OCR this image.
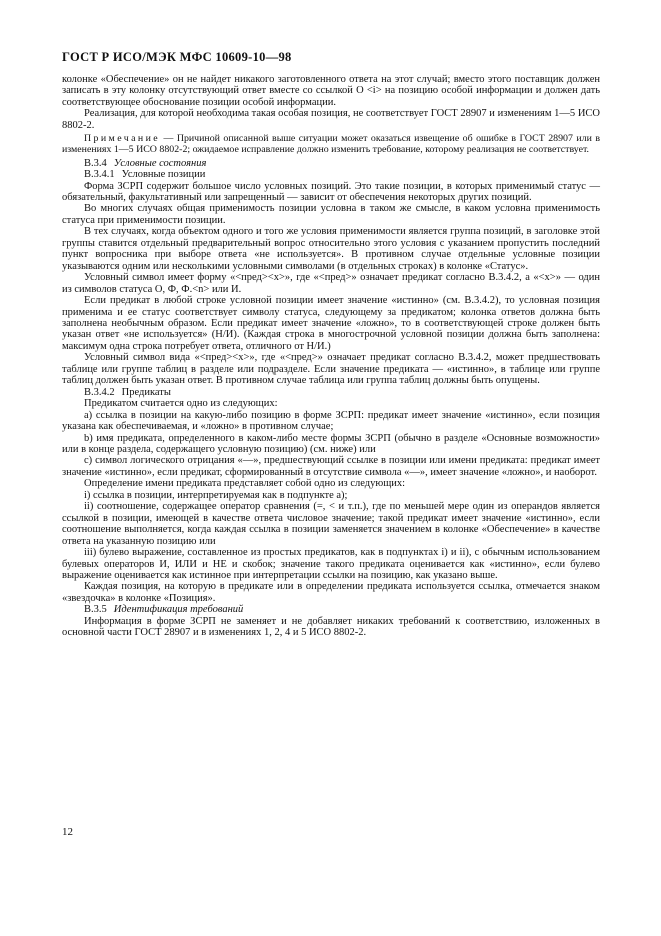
ГОСТ Р ИСО/МЭК МФС 10609-10—98

колонке «Обеспечение» он не найдет никакого заготовленного ответа на этот случай; вместо этого поставщик должен записать в эту колонку отсутствующий ответ вместе со ссылкой О <i> на позицию особой информации и должен дать соответствующее обоснование позиции особой информации.

Реализация, для которой необходима такая особая позиция, не соответствует ГОСТ 28907 и изменениям 1—5 ИСО 8802-2.

Примечание — Причиной описанной выше ситуации может оказаться извещение об ошибке в ГОСТ 28907 или в изменениях 1—5 ИСО 8802-2; ожидаемое исправление должно изменить требование, которому реализация не соответствует.

В.3.4 Условные состояния

В.3.4.1 Условные позиции

Форма ЗСРП содержит большое число условных позиций. Это такие позиции, в которых применимый статус — обязательный, факультативный или запрещенный — зависит от обеспечения некоторых других позиций.

Во многих случаях общая применимость позиции условна в таком же смысле, в каком условна применимость статуса при применимости позиции.

В тех случаях, когда объектом одного и того же условия применимости является группа позиций, в заголовке этой группы ставится отдельный предварительный вопрос относительно этого условия с указанием пропустить последний пункт вопросника при выборе ответа «не используется». В противном случае отдельные условные позиции указываются одним или несколькими условными символами (в отдельных строках) в колонке «Статус».

Условный символ имеет форму «<пред><x>», где «<пред>» означает предикат согласно В.3.4.2, а «<x>» — один из символов статуса О, Ф, Ф.<n> или И.

Если предикат в любой строке условной позиции имеет значение «истинно» (см. В.3.4.2), то условная позиция применима и ее статус соответствует символу статуса, следующему за предикатом; колонка ответов должна быть заполнена необычным образом. Если предикат имеет значение «ложно», то в соответствующей строке должен быть указан ответ «не используется» (Н/И). (Каждая строка в многострочной условной позиции должна быть заполнена: максимум одна строка потребует ответа, отличного от Н/И.)

Условный символ вида «<пред><x>», где «<пред>» означает предикат согласно В.3.4.2, может предшествовать таблице или группе таблиц в разделе или подразделе. Если значение предиката — «истинно», в таблице или группе таблиц должен быть указан ответ. В противном случае таблица или группа таблиц должны быть опущены.

В.3.4.2 Предикаты

Предикатом считается одно из следующих:

a) ссылка в позиции на какую-либо позицию в форме ЗСРП: предикат имеет значение «истинно», если позиция указана как обеспечиваемая, и «ложно» в противном случае;

b) имя предиката, определенного в каком-либо месте формы ЗСРП (обычно в разделе «Основные возможности» или в конце раздела, содержащего условную позицию) (см. ниже) или

c) символ логического отрицания «—», предшествующий ссылке в позиции или имени предиката: предикат имеет значение «истинно», если предикат, сформированный в отсутствие символа «—», имеет значение «ложно», и наоборот.

Определение имени предиката представляет собой одно из следующих:

i) ссылка в позиции, интерпретируемая как в подпункте a);

ii) соотношение, содержащее оператор сравнения (=, < и т.п.), где по меньшей мере один из операндов является ссылкой в позиции, имеющей в качестве ответа числовое значение; такой предикат имеет значение «истинно», если соотношение выполняется, когда каждая ссылка в позиции заменяется значением в колонке «Обеспечение» в качестве ответа на указанную позицию или

iii) булево выражение, составленное из простых предикатов, как в подпунктах i) и ii), с обычным использованием булевых операторов И, ИЛИ и НЕ и скобок; значение такого предиката оценивается как «истинно», если булево выражение оценивается как истинное при интерпретации ссылки на позицию, как указано выше.

Каждая позиция, на которую в предикате или в определении предиката используется ссылка, отмечается знаком «звездочка» в колонке «Позиция».

В.3.5 Идентификация требований

Информация в форме ЗСРП не заменяет и не добавляет никаких требований к соответствию, изложенных в основной части ГОСТ 28907 и в изменениях 1, 2, 4 и 5 ИСО 8802-2.

12
